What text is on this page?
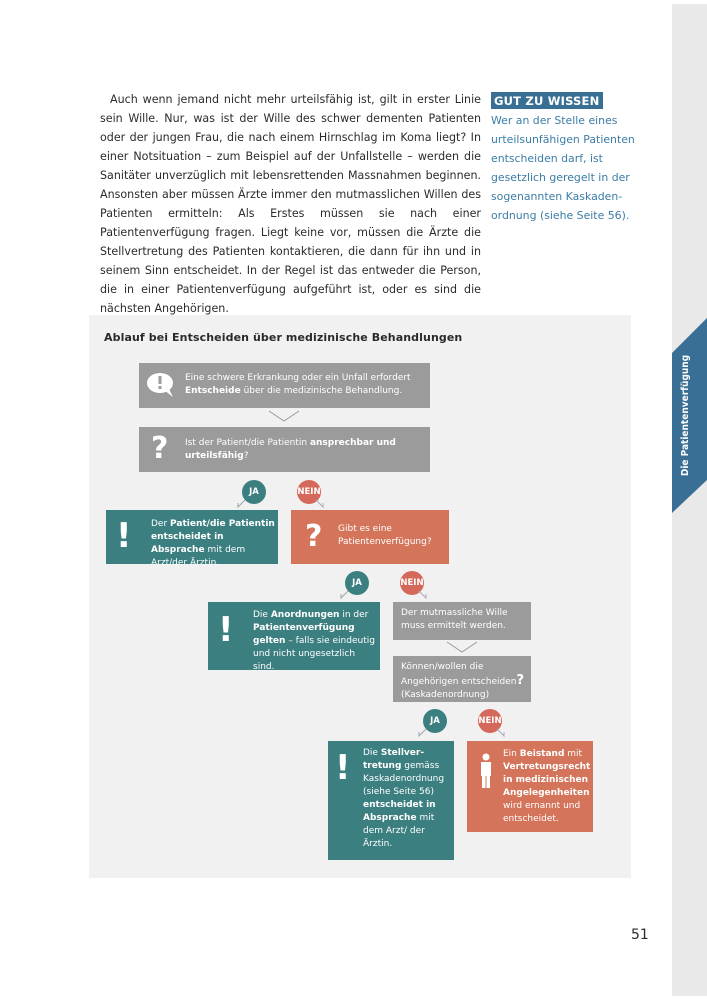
Die Patientenverfügung

Auch wenn jemand nicht mehr urteilsfähig ist, gilt in erster Linie sein Wille. Nur, was ist der Wille des schwer dementen Patienten oder der jungen Frau, die nach einem Hirnschlag im Koma liegt? In einer Notsituation – zum Beispiel auf der Unfallstelle – werden die Sanitäter unverzüglich mit lebensrettenden Massnahmen beginnen. Ansonsten aber müssen Ärzte immer den mutmasslichen Willen des Patienten ermitteln: Als Erstes müssen sie nach einer Patientenverfügung fragen. Liegt keine vor, müssen die Ärzte die Stellvertretung des Patienten kontaktieren, die dann für ihn und in seinem Sinn entscheidet. In der Regel ist das entweder die Person, die in einer Patientenverfügung aufgeführt ist, oder es sind die nächsten Angehörigen.

GUT ZU WISSEN
Wer an der Stelle eines urteilsunfähigen Patienten entscheiden darf, ist gesetzlich geregelt in der sogenannten Kaskadenordnung (siehe Seite 56).
Ablauf bei Entscheiden über medizinische Behandlungen
Eine schwere Erkrankung oder ein Unfall erfordert
Entscheide über die medizinische Behandlung.
? Ist der Patient/die Patientin ansprechbar und urteilsfähig?
JA	NEIN
! Der Patient/die Patientin entscheidet in Absprache mit dem Arzt/der Ärztin.
? Gibt es eine Patientenverfügung?
JA	NEIN
! Die Anordnungen in der Patientenverfügung gelten – falls sie eindeutig und nicht ungesetzlich sind.
Der mutmassliche Wille muss ermittelt werden.
Können/wollen die Angehörigen entscheiden?
(Kaskadenordnung)
JA	NEIN
! Die Stellvertretung gemäss Kaskadenordnung (siehe Seite 56) entscheidet in Absprache mit dem Arzt/ der Ärztin.
Ein Beistand mit Vertretungsrecht in medizinischen Angelegenheiten wird ernannt und entscheidet.
51
